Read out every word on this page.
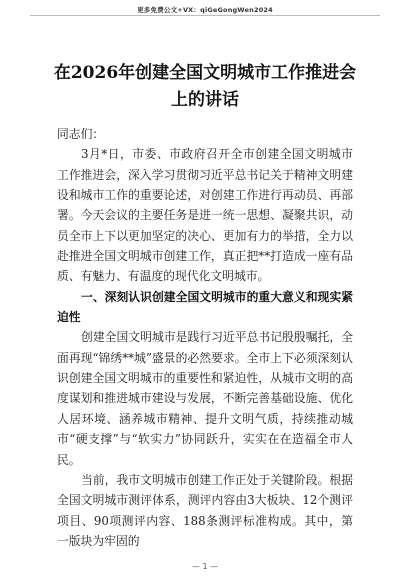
更多免费公文+VX：qiGeGongWen2024
在2026年创建全国文明城市工作推进会上的讲话

同志们：

3月*日，市委、市政府召开全市创建全国文明城市工作推进会，深入学习贯彻习近平总书记关于精神文明建设和城市工作的重要论述，对创建工作进行再动员、再部署。今天会议的主要任务是进一统一思想、凝聚共识，动员全市上下以更加坚定的决心、更加有力的举措，全力以赴推进全国文明城市创建工作，真正把**打造成一座有品质、有魅力、有温度的现代化文明城市。

一、深刻认识创建全国文明城市的重大意义和现实紧迫性

创建全国文明城市是践行习近平总书记殷殷嘱托，全面再现“锦绣**城”盛景的必然要求。全市上下必须深刻认识创建全国文明城市的重要性和紧迫性，从城市文明的高度谋划和推进城市建设与发展，不断完善基础设施、优化人居环境、涵养城市精神、提升文明气质，持续推动城市“硬支撑”与“软实力”协同跃升，实实在在造福全市人民。

当前，我市文明城市创建工作正处于关键阶段。根据全国文明城市测评体系，测评内容由3大板块、12个测评项目、90项测评内容、188条测评标准构成。其中，第一版块为牢固的

— 1 —
